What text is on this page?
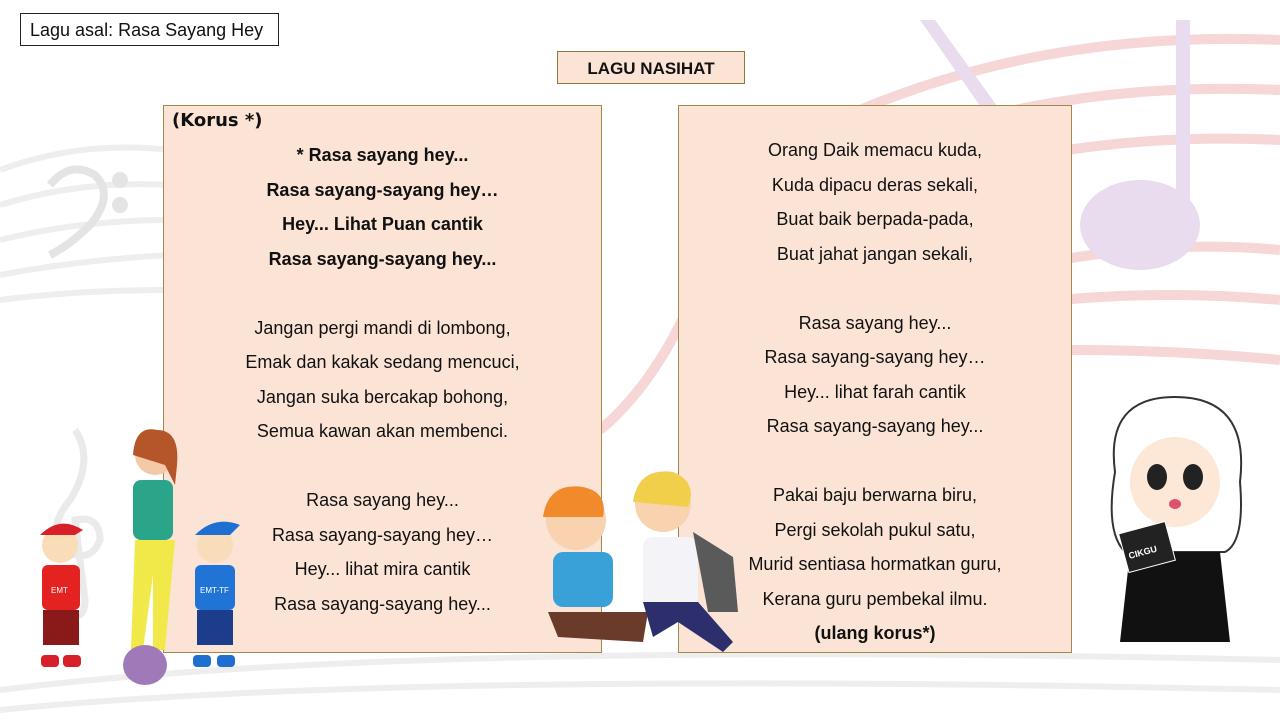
Lagu asal: Rasa Sayang Hey
LAGU NASIHAT
(Korus *)
* Rasa sayang hey...
Rasa sayang-sayang hey…
Hey... Lihat Puan cantik
Rasa sayang-sayang hey...
Jangan pergi mandi di lombong,
Emak dan kakak sedang mencuci,
Jangan suka bercakap bohong,
Semua kawan akan membenci.
Rasa sayang hey...
Rasa sayang-sayang hey…
Hey... lihat mira cantik
Rasa sayang-sayang hey...
Orang Daik memacu kuda,
Kuda dipacu deras sekali,
Buat baik berpada-pada,
Buat jahat jangan sekali,
Rasa sayang hey...
Rasa sayang-sayang hey…
Hey... lihat farah cantik
Rasa sayang-sayang hey...
Pakai baju berwarna biru,
Pergi sekolah pukul satu,
Murid sentiasa hormatkan guru,
Kerana guru pembekal ilmu.
(ulang korus*)
EMT	EMT-TF
CIKGU
